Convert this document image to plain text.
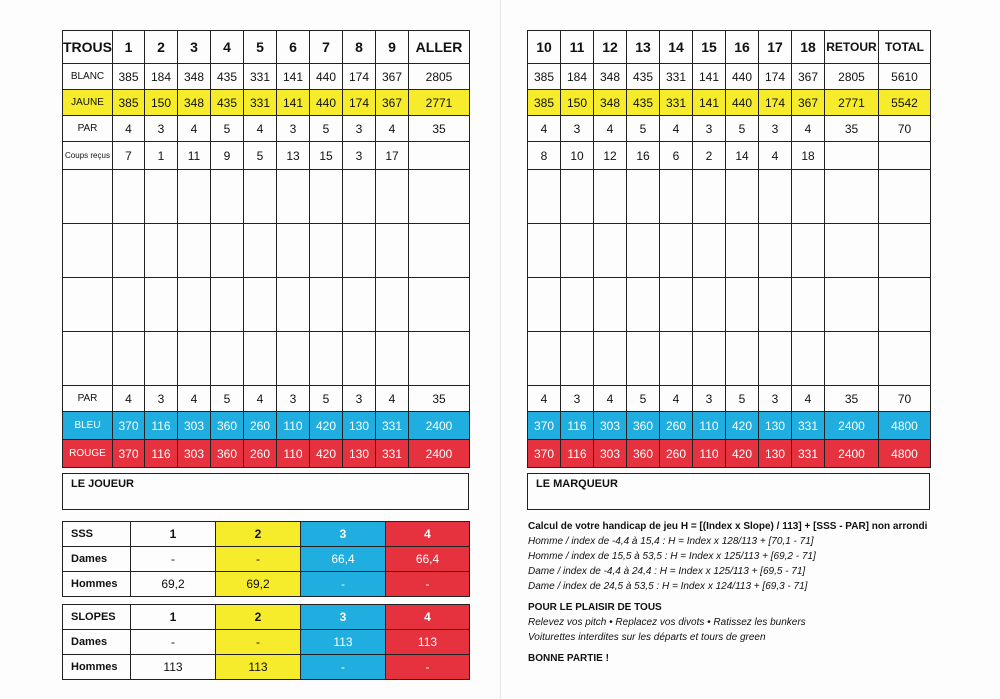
TROUS	1	2	3	4	5	6	7	8	9	ALLER
BLANC	385	184	348	435	331	141	440	174	367	2805
JAUNE	385	150	348	435	331	141	440	174	367	2771
PAR	4	3	4	5	4	3	5	3	4	35
Coups reçus	7	1	11	9	5	13	15	3	17	

PAR	4	3	4	5	4	3	5	3	4	35
BLEU	370	116	303	360	260	110	420	130	331	2400
ROUGE	370	116	303	360	260	110	420	130	331	2400
10	11	12	13	14	15	16	17	18	RETOUR	TOTAL
385	184	348	435	331	141	440	174	367	2805	5610
385	150	348	435	331	141	440	174	367	2771	5542
4	3	4	5	4	3	5	3	4	35	70
8	10	12	16	6	2	14	4	18		

4	3	4	5	4	3	5	3	4	35	70
370	116	303	360	260	110	420	130	331	2400	4800
370	116	303	360	260	110	420	130	331	2400	4800
LE JOUEUR	LE MARQUEUR
SSS	1	2	3	4
Dames	-	-	66,4	66,4
Hommes	69,2	69,2	-	-
SLOPES	1	2	3	4
Dames	-	-	113	113
Hommes	113	113	-	-
Calcul de votre handicap de jeu H = [(Index x Slope) / 113] + [SSS - PAR] non arrondi
Homme / index de -4,4 à 15,4 : H = Index x 128/113 + [70,1 - 71]
Homme / index de 15,5 à 53,5 : H = Index x 125/113 + [69,2 - 71]
Dame / index de -4,4 à 24,4 : H = Index x 125/113 + [69,5 - 71]
Dame / index de 24,5 à 53,5 : H = Index x 124/113 + [69,3 - 71]
POUR LE PLAISIR DE TOUS
Relevez vos pitch • Replacez vos divots • Ratissez les bunkers
Voiturettes interdites sur les départs et tours de green
BONNE PARTIE !
